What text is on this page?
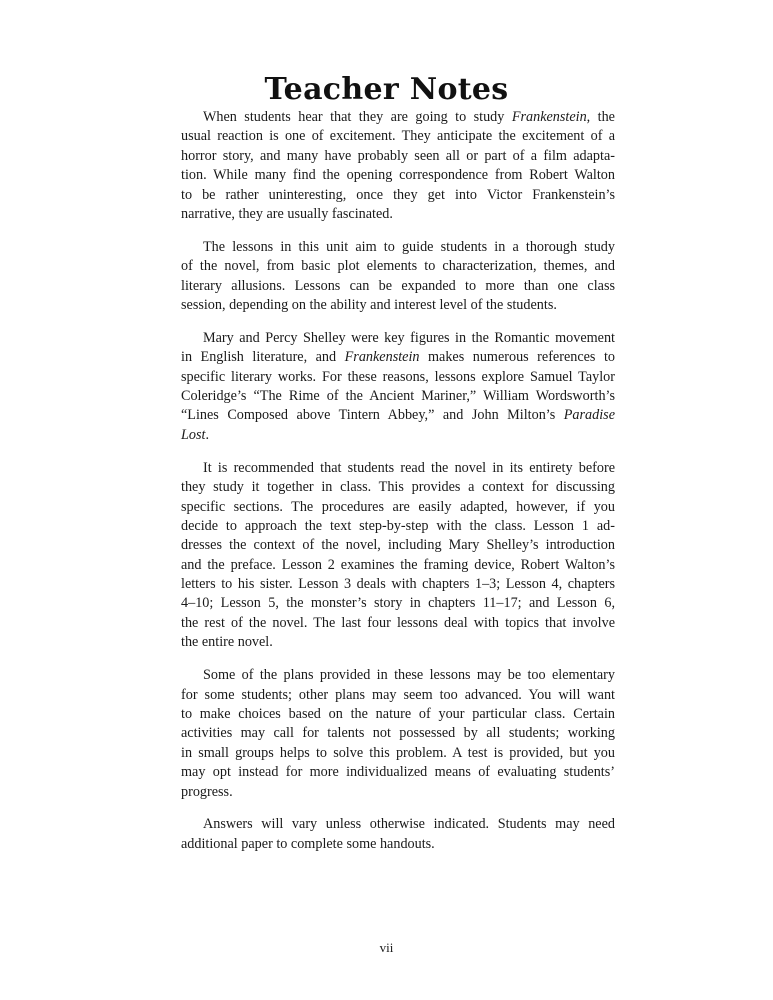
Teacher Notes
When students hear that they are going to study Frankenstein, the
usual reaction is one of excitement. They anticipate the excitement of a
horror story, and many have probably seen all or part of a film adapta-
tion. While many find the opening correspondence from Robert Walton
to be rather uninteresting, once they get into Victor Frankenstein’s
narrative, they are usually fascinated.
The lessons in this unit aim to guide students in a thorough study
of the novel, from basic plot elements to characterization, themes, and
literary allusions. Lessons can be expanded to more than one class
session, depending on the ability and interest level of the students.
Mary and Percy Shelley were key figures in the Romantic movement
in English literature, and Frankenstein makes numerous references to
specific literary works. For these reasons, lessons explore Samuel Taylor
Coleridge’s “The Rime of the Ancient Mariner,” William Wordsworth’s
“Lines Composed above Tintern Abbey,” and John Milton’s Paradise
Lost.
It is recommended that students read the novel in its entirety before
they study it together in class. This provides a context for discussing
specific sections. The procedures are easily adapted, however, if you
decide to approach the text step-by-step with the class. Lesson 1 ad-
dresses the context of the novel, including Mary Shelley’s introduction
and the preface. Lesson 2 examines the framing device, Robert Walton’s
letters to his sister. Lesson 3 deals with chapters 1–3; Lesson 4, chapters
4–10; Lesson 5, the monster’s story in chapters 11–17; and Lesson 6,
the rest of the novel. The last four lessons deal with topics that involve
the entire novel.
Some of the plans provided in these lessons may be too elementary
for some students; other plans may seem too advanced. You will want
to make choices based on the nature of your particular class. Certain
activities may call for talents not possessed by all students; working
in small groups helps to solve this problem. A test is provided, but you
may opt instead for more individualized means of evaluating students’
progress.
Answers will vary unless otherwise indicated. Students may need
additional paper to complete some handouts.
vii
